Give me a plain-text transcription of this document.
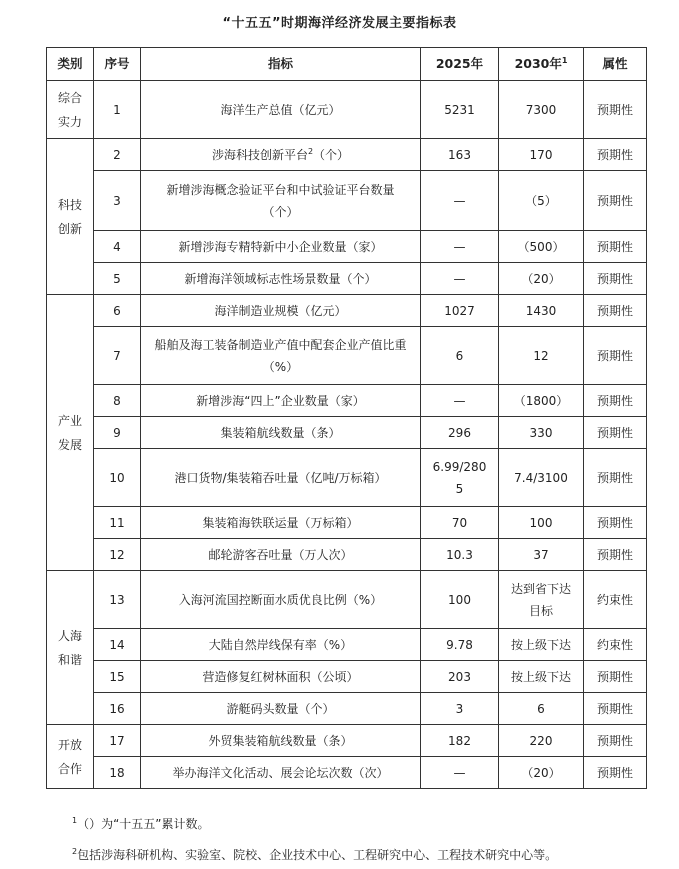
“十五五”时期海洋经济发展主要指标表
类别	序号	指标	2025年	2030年$^1$	属性
综合
实力	1	海洋生产总值（亿元）	5231	7300	预期性
科技
创新	2	涉海科技创新平台$^2$（个）	163	170	预期性
	3	新增涉海概念验证平台和中试验证平台数量（个）	—	（5）	预期性
	4	新增涉海专精特新中小企业数量（家）	—	（500）	预期性
	5	新增海洋领域标志性场景数量（个）	—	（20）	预期性
产业
发展	6	海洋制造业规模（亿元）	1027	1430	预期性
	7	船舶及海工装备制造业产值中配套企业产值比重（%）	6	12	预期性
	8	新增涉海“四上”企业数量（家）	—	（1800）	预期性
	9	集装箱航线数量（条）	296	330	预期性
	10	港口货物/集装箱吞吐量（亿吨/万标箱）	6.99/2805	7.4/3100	预期性
	11	集装箱海铁联运量（万标箱）	70	100	预期性
	12	邮轮游客吞吐量（万人次）	10.3	37	预期性
人海
和谐	13	入海河流国控断面水质优良比例（%）	100	达到省下达目标	约束性
	14	大陆自然岸线保有率（%）	9.78	按上级下达	约束性
	15	营造修复红树林面积（公顷）	203	按上级下达	预期性
	16	游艇码头数量（个）	3	6	预期性
开放
合作	17	外贸集装箱航线数量（条）	182	220	预期性
	18	举办海洋文化活动、展会论坛次数（次）	—	（20）	预期性
$^1$（）为“十五五”累计数。
$^2$包括涉海科研机构、实验室、院校、企业技术中心、工程研究中心、工程技术研究中心等。
